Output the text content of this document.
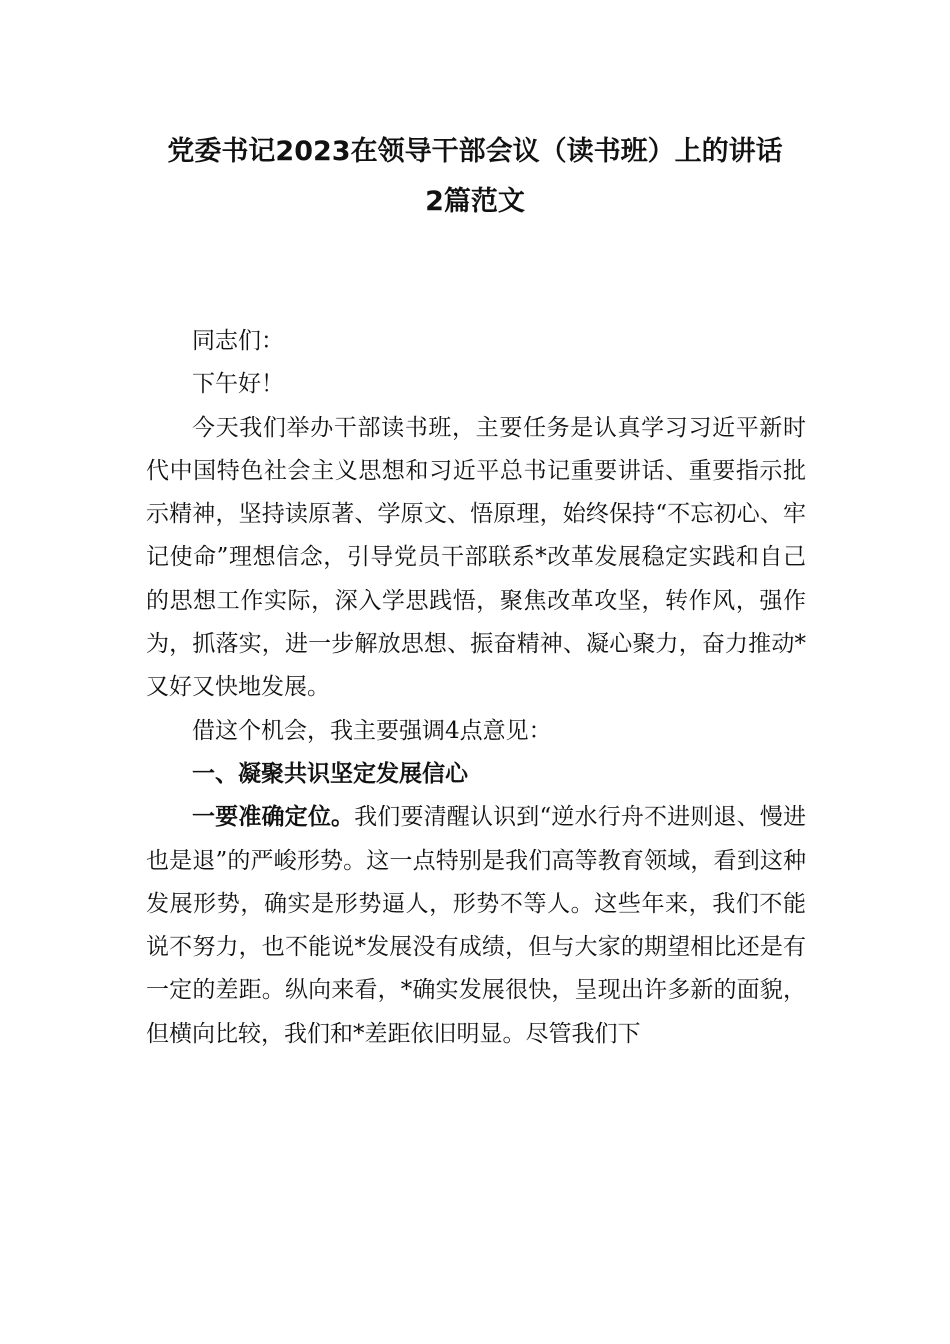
党委书记2023在领导干部会议（读书班）上的讲话
2篇范文

同志们：

下午好！

今天我们举办干部读书班，主要任务是认真学习习近平新时代中国特色社会主义思想和习近平总书记重要讲话、重要指示批示精神，坚持读原著、学原文、悟原理，始终保持“不忘初心、牢记使命”理想信念，引导党员干部联系*改革发展稳定实践和自己的思想工作实际，深入学思践悟，聚焦改革攻坚，转作风，强作为，抓落实，进一步解放思想、振奋精神、凝心聚力，奋力推动*又好又快地发展。

借这个机会，我主要强调4点意见：

一、凝聚共识坚定发展信心

一要准确定位。我们要清醒认识到“逆水行舟不进则退、慢进也是退”的严峻形势。这一点特别是我们高等教育领域，看到这种发展形势，确实是形势逼人，形势不等人。这些年来，我们不能说不努力，也不能说*发展没有成绩，但与大家的期望相比还是有一定的差距。纵向来看，*确实发展很快，呈现出许多新的面貌，但横向比较，我们和*差距依旧明显。尽管我们下
